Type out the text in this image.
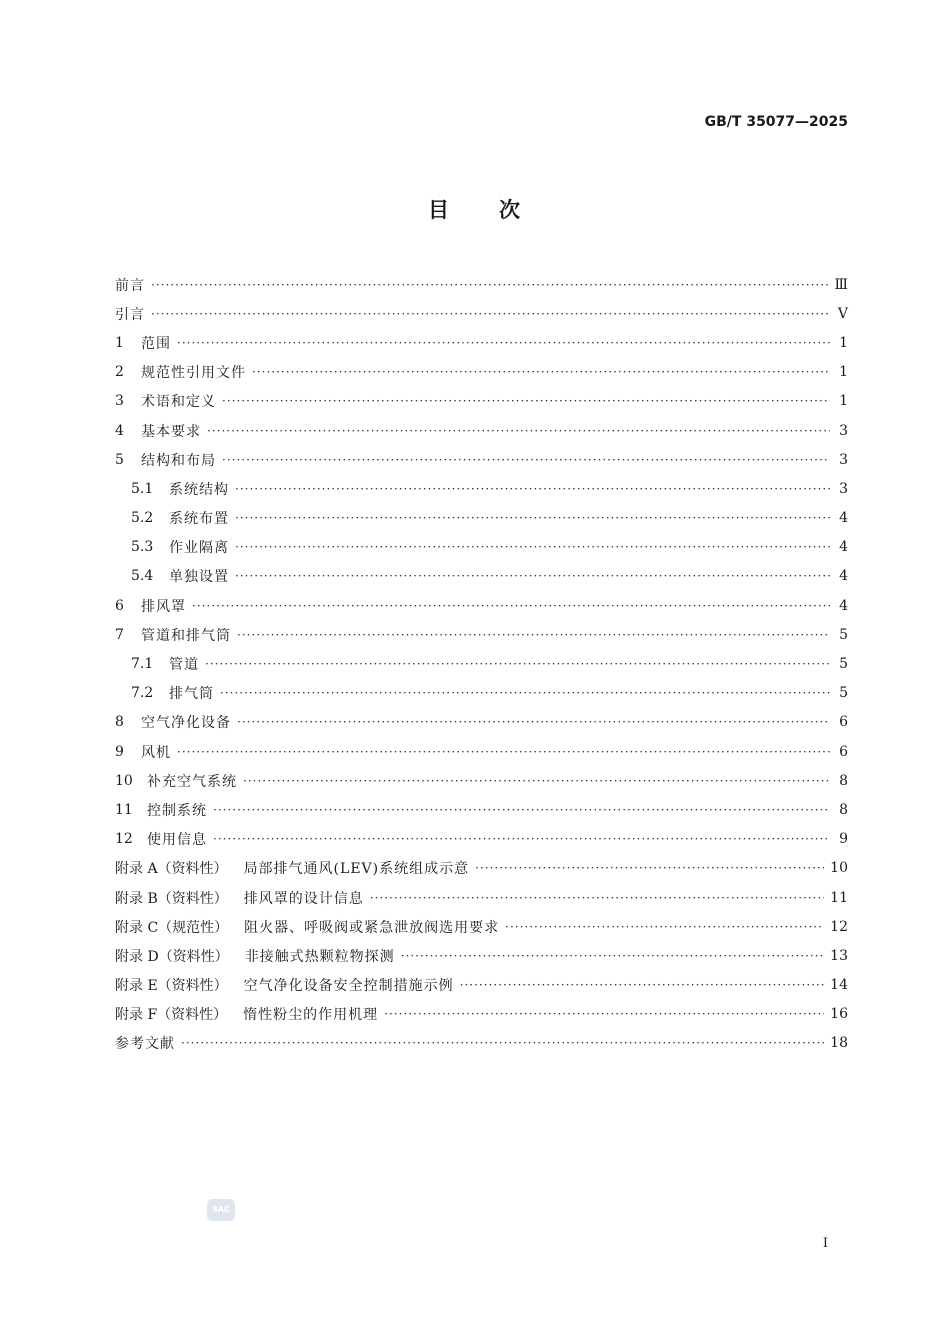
GB/T 35077—2025
目 次
前言 ·····	Ⅲ
引言 ·····	Ⅴ
1	范围 ·····	1
2	规范性引用文件 ·····	1
3	术语和定义 ·····	1
4	基本要求 ·····	3
5	结构和布局 ·····	3
5.1	系统结构 ·····	3
5.2	系统布置 ·····	4
5.3	作业隔离 ·····	4
5.4	单独设置 ·····	4
6	排风罩 ·····	4
7	管道和排气筒 ·····	5
7.1	管道 ·····	5
7.2	排气筒 ·····	5
8	空气净化设备 ·····	6
9	风机 ·····	6
10	补充空气系统 ·····	8
11	控制系统 ·····	8
12	使用信息 ·····	9
附录 A（资料性） 局部排气通风(LEV)系统组成示意 ·····	10
附录 B（资料性） 排风罩的设计信息 ·····	11
附录 C（规范性） 阻火器、呼吸阀或紧急泄放阀选用要求 ·····	12
附录 D（资料性） 非接触式热颗粒物探测 ·····	13
附录 E（资料性） 空气净化设备安全控制措施示例 ·····	14
附录 F（资料性） 惰性粉尘的作用机理 ·····	16
参考文献 ·····	18
SAC
I
